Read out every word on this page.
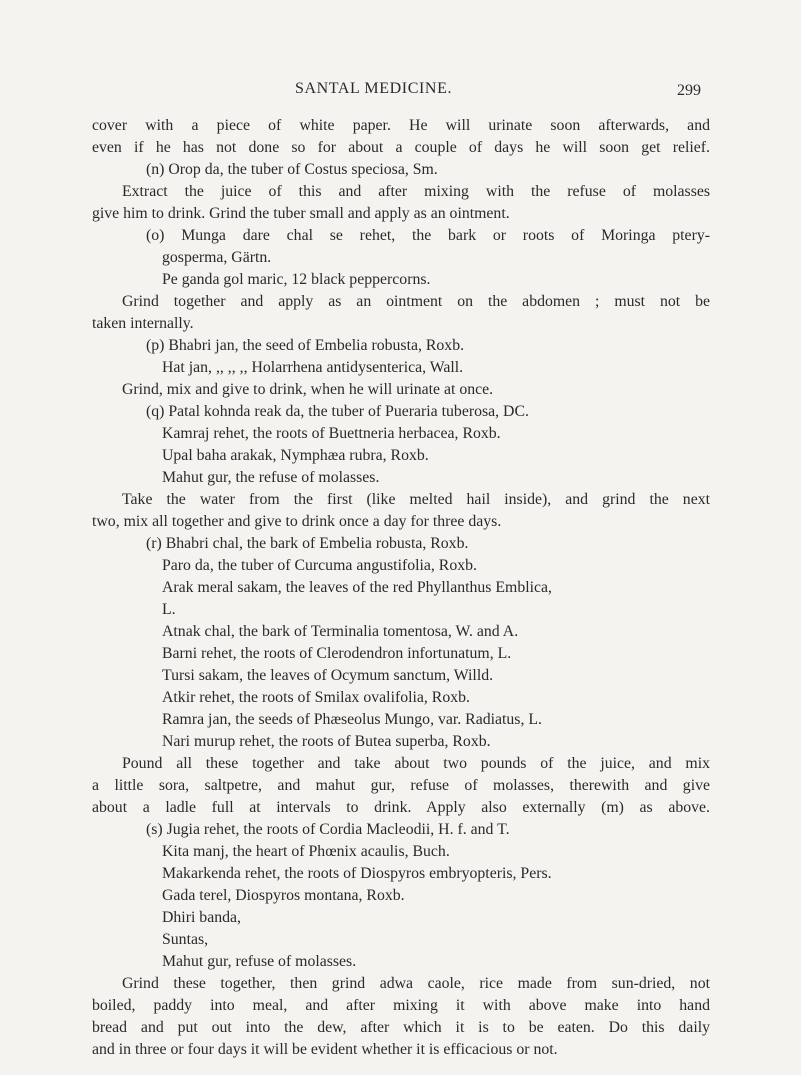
SANTAL MEDICINE.	299
cover with a piece of white paper. He will urinate soon afterwards, and
even if he has not done so for about a couple of days he will soon get relief.
(n) Orop da, the tuber of Costus speciosa, Sm.
Extract the juice of this and after mixing with the refuse of molasses
give him to drink. Grind the tuber small and apply as an ointment.
(o) Munga dare chal se rehet, the bark or roots of Moringa ptery-
gosperma, Gärtn.
Pe ganda gol maric, 12 black peppercorns.
Grind together and apply as an ointment on the abdomen ; must not be
taken internally.
(p) Bhabri jan, the seed of Embelia robusta, Roxb.
Hat jan, ,, ,, ,, Holarrhena antidysenterica, Wall.
Grind, mix and give to drink, when he will urinate at once.
(q) Patal kohnda reak da, the tuber of Pueraria tuberosa, DC.
Kamraj rehet, the roots of Buettneria herbacea, Roxb.
Upal baha arakak, Nymphæa rubra, Roxb.
Mahut gur, the refuse of molasses.
Take the water from the first (like melted hail inside), and grind the next
two, mix all together and give to drink once a day for three days.
(r) Bhabri chal, the bark of Embelia robusta, Roxb.
Paro da, the tuber of Curcuma angustifolia, Roxb.
Arak meral sakam, the leaves of the red Phyllanthus Emblica,
L.
Atnak chal, the bark of Terminalia tomentosa, W. and A.
Barni rehet, the roots of Clerodendron infortunatum, L.
Tursi sakam, the leaves of Ocymum sanctum, Willd.
Atkir rehet, the roots of Smilax ovalifolia, Roxb.
Ramra jan, the seeds of Phæseolus Mungo, var. Radiatus, L.
Nari murup rehet, the roots of Butea superba, Roxb.
Pound all these together and take about two pounds of the juice, and mix
a little sora, saltpetre, and mahut gur, refuse of molasses, therewith and give
about a ladle full at intervals to drink. Apply also externally (m) as above.
(s) Jugia rehet, the roots of Cordia Macleodii, H. f. and T.
Kita manj, the heart of Phœnix acaulis, Buch.
Makarkenda rehet, the roots of Diospyros embryopteris, Pers.
Gada terel, Diospyros montana, Roxb.
Dhiri banda,
Suntas,
Mahut gur, refuse of molasses.
Grind these together, then grind adwa caole, rice made from sun-dried, not
boiled, paddy into meal, and after mixing it with above make into hand
bread and put out into the dew, after which it is to be eaten. Do this daily
and in three or four days it will be evident whether it is efficacious or not.
